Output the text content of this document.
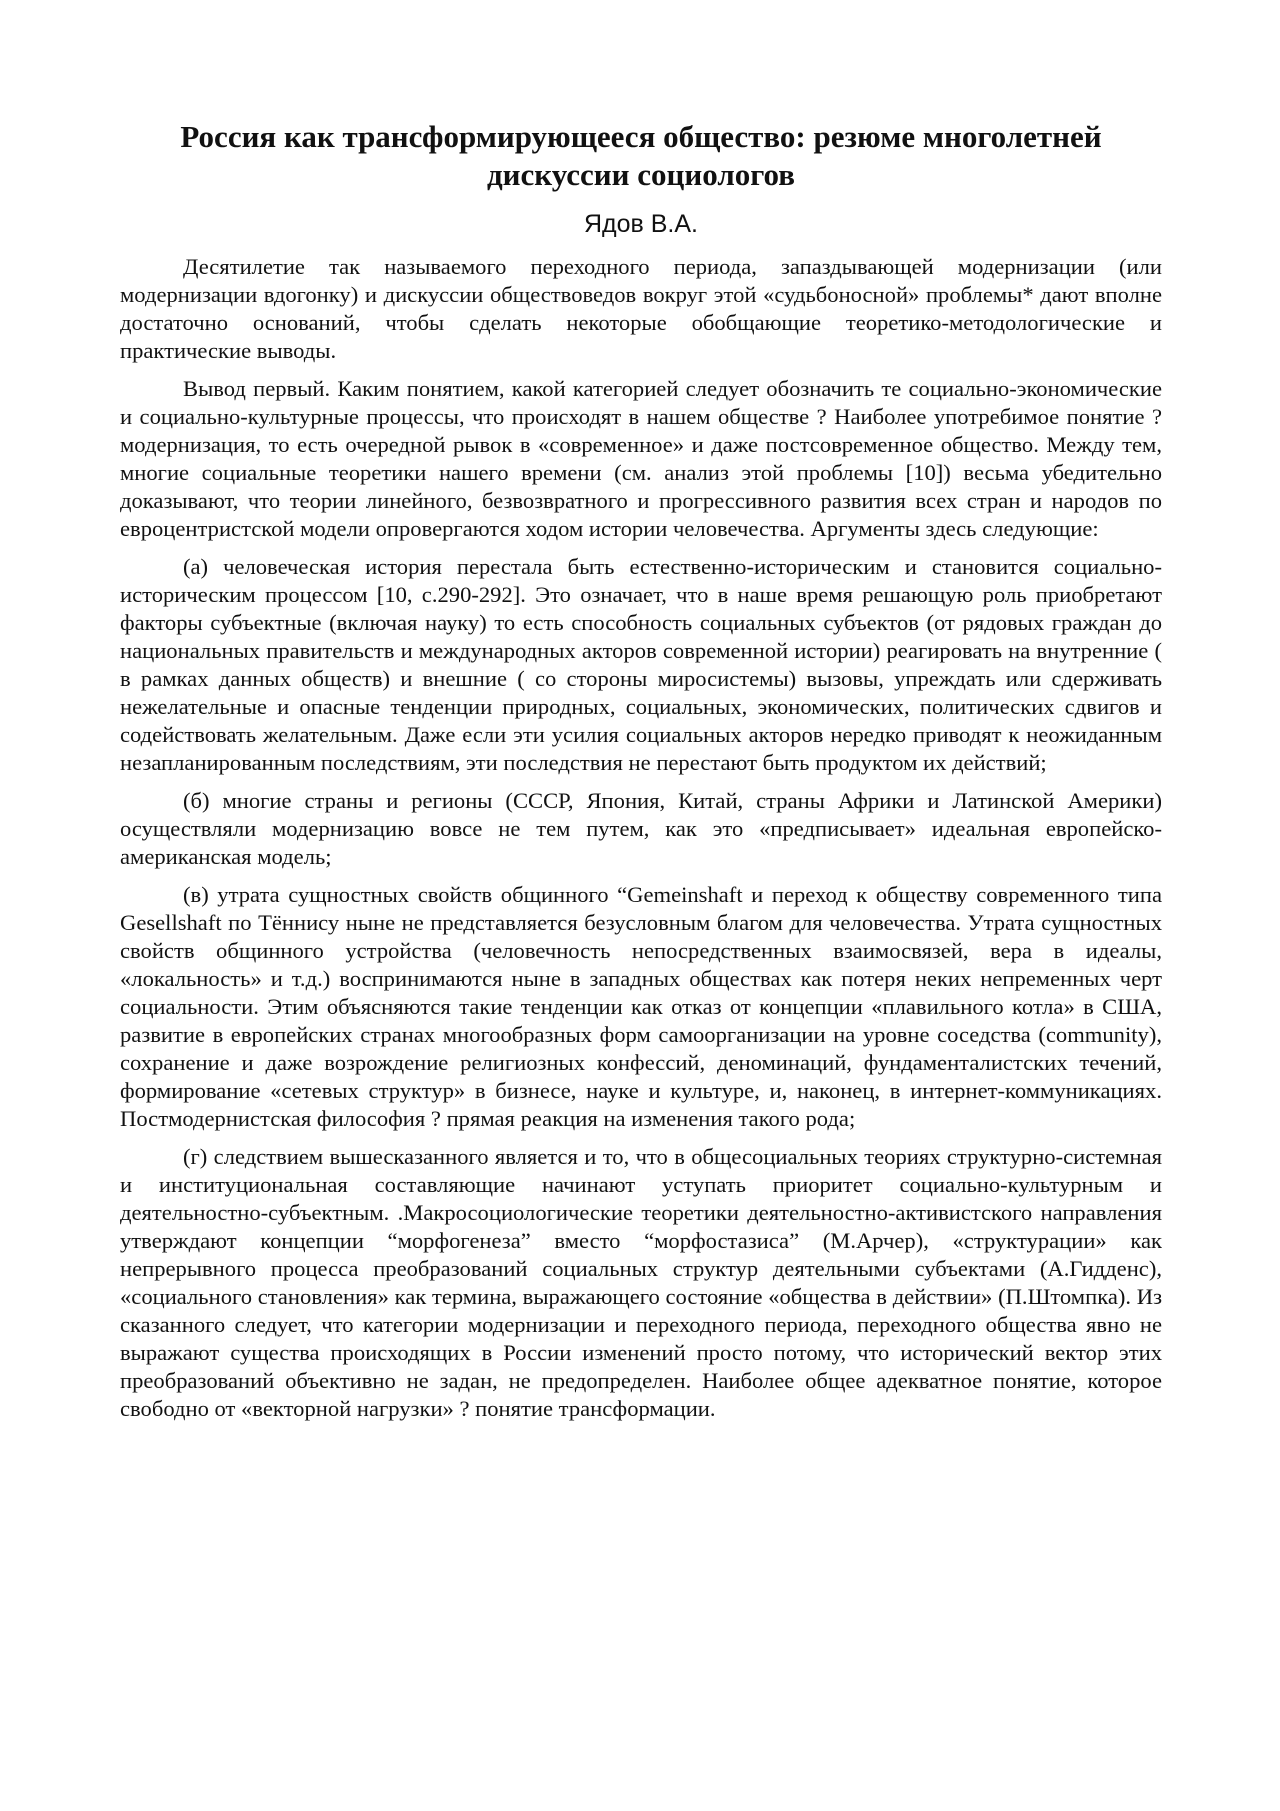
Россия как трансформирующееся общество: резюме многолетней дискуссии социологов
Ядов В.А.

Десятилетие так называемого переходного периода, запаздывающей модернизации (или модернизации вдогонку) и дискуссии обществоведов вокруг этой «судьбоносной» проблемы* дают вполне достаточно оснований, чтобы сделать некоторые обобщающие теоретико-методологические и практические выводы.

Вывод первый. Каким понятием, какой категорией следует обозначить те социально-экономические и социально-культурные процессы, что происходят в нашем обществе ? Наиболее употребимое понятие ? модернизация, то есть очередной рывок в «современное» и даже постсовременное общество. Между тем, многие социальные теоретики нашего времени (см. анализ этой проблемы [10]) весьма убедительно доказывают, что теории линейного, безвозвратного и прогрессивного развития всех стран и народов по евроцентристской модели опровергаются ходом истории человечества. Аргументы здесь следующие:

(а) человеческая история перестала быть естественно-историческим и становится социально-историческим процессом [10, с.290-292]. Это означает, что в наше время решающую роль приобретают факторы субъектные (включая науку) то есть способность социальных субъектов (от рядовых граждан до национальных правительств и международных акторов современной истории) реагировать на внутренние ( в рамках данных обществ) и внешние ( со стороны миросистемы) вызовы, упреждать или сдерживать нежелательные и опасные тенденции природных, социальных, экономических, политических сдвигов и содействовать желательным. Даже если эти усилия социальных акторов нередко приводят к неожиданным незапланированным последствиям, эти последствия не перестают быть продуктом их действий;

(б) многие страны и регионы (СССР, Япония, Китай, страны Африки и Латинской Америки) осуществляли модернизацию вовсе не тем путем, как это «предписывает» идеальная европейско-американская модель;

(в) утрата сущностных свойств общинного “Gemeinshaft и переход к обществу современного типа Gesellshaft по Тённису ныне не представляется безусловным благом для человечества. Утрата сущностных свойств общинного устройства (человечность непосредственных взаимосвязей, вера в идеалы, «локальность» и т.д.) воспринимаются ныне в западных обществах как потеря неких непременных черт социальности. Этим объясняются такие тенденции как отказ от концепции «плавильного котла» в США, развитие в европейских странах многообразных форм самоорганизации на уровне соседства (community), сохранение и даже возрождение религиозных конфессий, деноминаций, фундаменталистских течений, формирование «сетевых структур» в бизнесе, науке и культуре, и, наконец, в интернет-коммуникациях. Постмодернистская философия ? прямая реакция на изменения такого рода;

(г) следствием вышесказанного является и то, что в общесоциальных теориях структурно-системная и институциональная составляющие начинают уступать приоритет социально-культурным и деятельностно-субъектным. .Макросоциологические теоретики деятельностно-активистского направления утверждают концепции “морфогенеза” вместо “морфостазиса” (М.Арчер), «структурации» как непрерывного процесса преобразований социальных структур деятельными субъектами (А.Гидденс), «социального становления» как термина, выражающего состояние «общества в действии» (П.Штомпка). Из сказанного следует, что категории модернизации и переходного периода, переходного общества явно не выражают существа происходящих в России изменений просто потому, что исторический вектор этих преобразований объективно не задан, не предопределен. Наиболее общее адекватное понятие, которое свободно от «векторной нагрузки» ? понятие трансформации.
